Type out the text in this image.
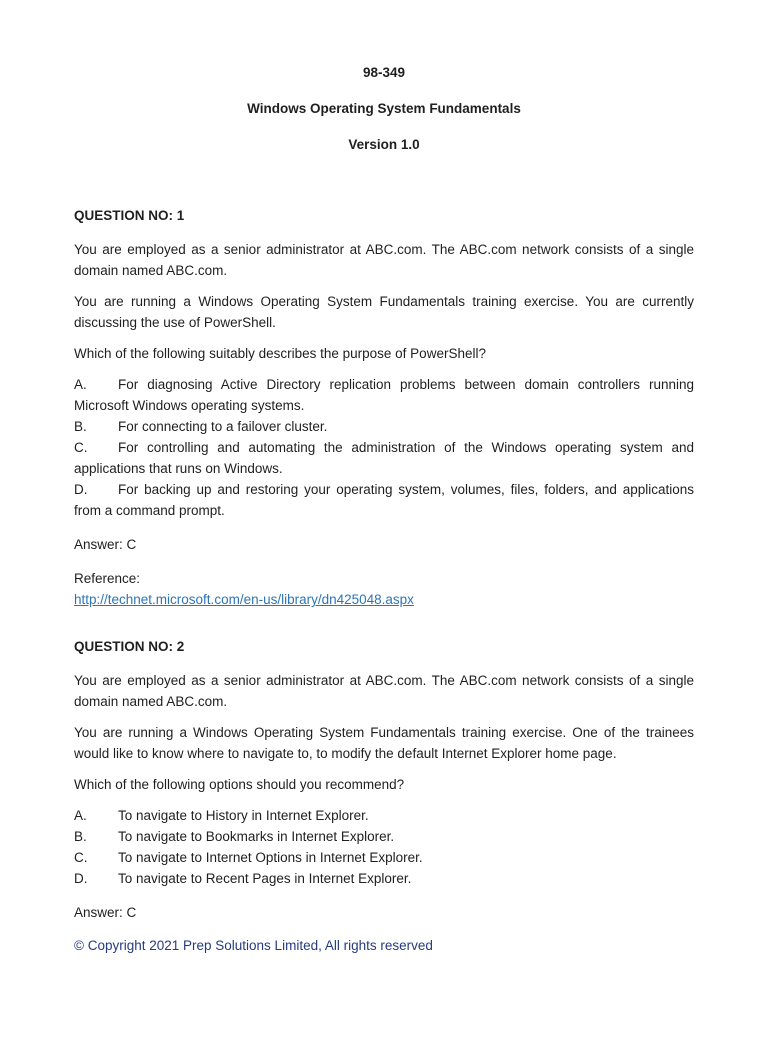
98-349
Windows Operating System Fundamentals
Version 1.0
QUESTION NO: 1
You are employed as a senior administrator at ABC.com. The ABC.com network consists of a single
domain named ABC.com.
You are running a Windows Operating System Fundamentals training exercise. You are currently
discussing the use of PowerShell.
Which of the following suitably describes the purpose of PowerShell?
A. For diagnosing Active Directory replication problems between domain controllers running
Microsoft Windows operating systems.
B. For connecting to a failover cluster.
C. For controlling and automating the administration of the Windows operating system and
applications that runs on Windows.
D. For backing up and restoring your operating system, volumes, files, folders, and applications
from a command prompt.
Answer: C
Reference:
http://technet.microsoft.com/en-us/library/dn425048.aspx
QUESTION NO: 2
You are employed as a senior administrator at ABC.com. The ABC.com network consists of a single
domain named ABC.com.
You are running a Windows Operating System Fundamentals training exercise. One of the trainees
would like to know where to navigate to, to modify the default Internet Explorer home page.
Which of the following options should you recommend?
A. To navigate to History in Internet Explorer.
B. To navigate to Bookmarks in Internet Explorer.
C. To navigate to Internet Options in Internet Explorer.
D. To navigate to Recent Pages in Internet Explorer.
Answer: C
© Copyright 2021 Prep Solutions Limited, All rights reserved
